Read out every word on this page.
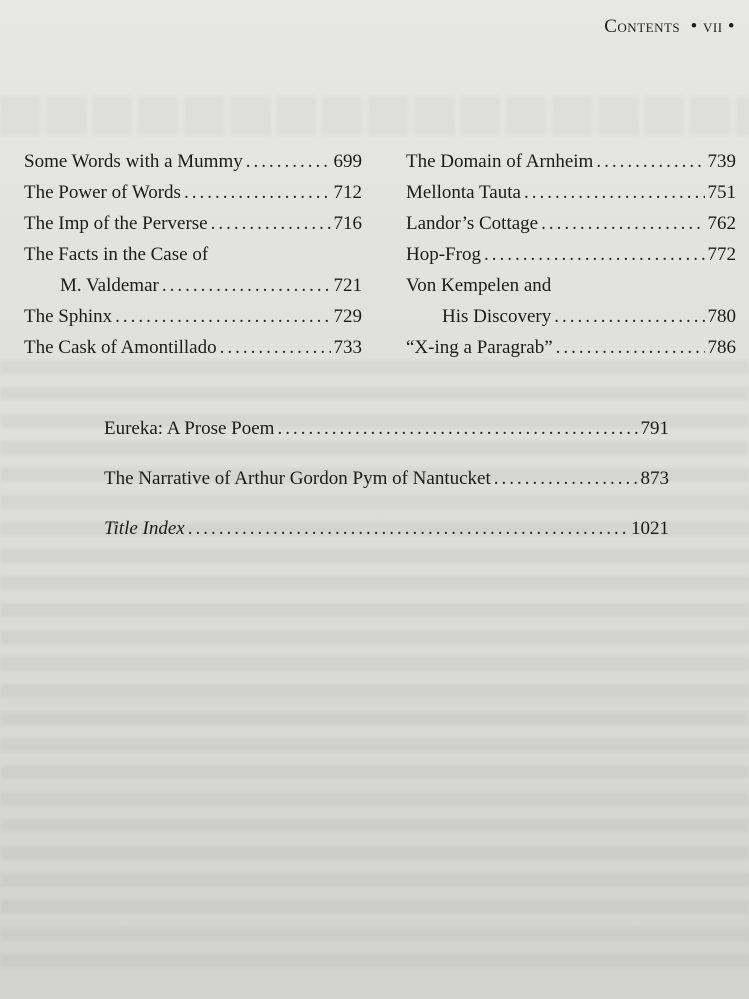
Contents • vii •
Some Words with a Mummy .....	699
The Power of Words .....	712
The Imp of the Perverse .....	716
The Facts in the Case of
M. Valdemar .....	721
The Sphinx .....	729
The Cask of Amontillado .....	733
The Domain of Arnheim .....	739
Mellonta Tauta .....	751
Landor’s Cottage .....	762
Hop-Frog .....	772
Von Kempelen and
His Discovery .....	780
“X-ing a Paragrab” .....	786
Eureka: A Prose Poem .....	791
The Narrative of Arthur Gordon Pym of Nantucket .....	873
Title Index .....	1021
